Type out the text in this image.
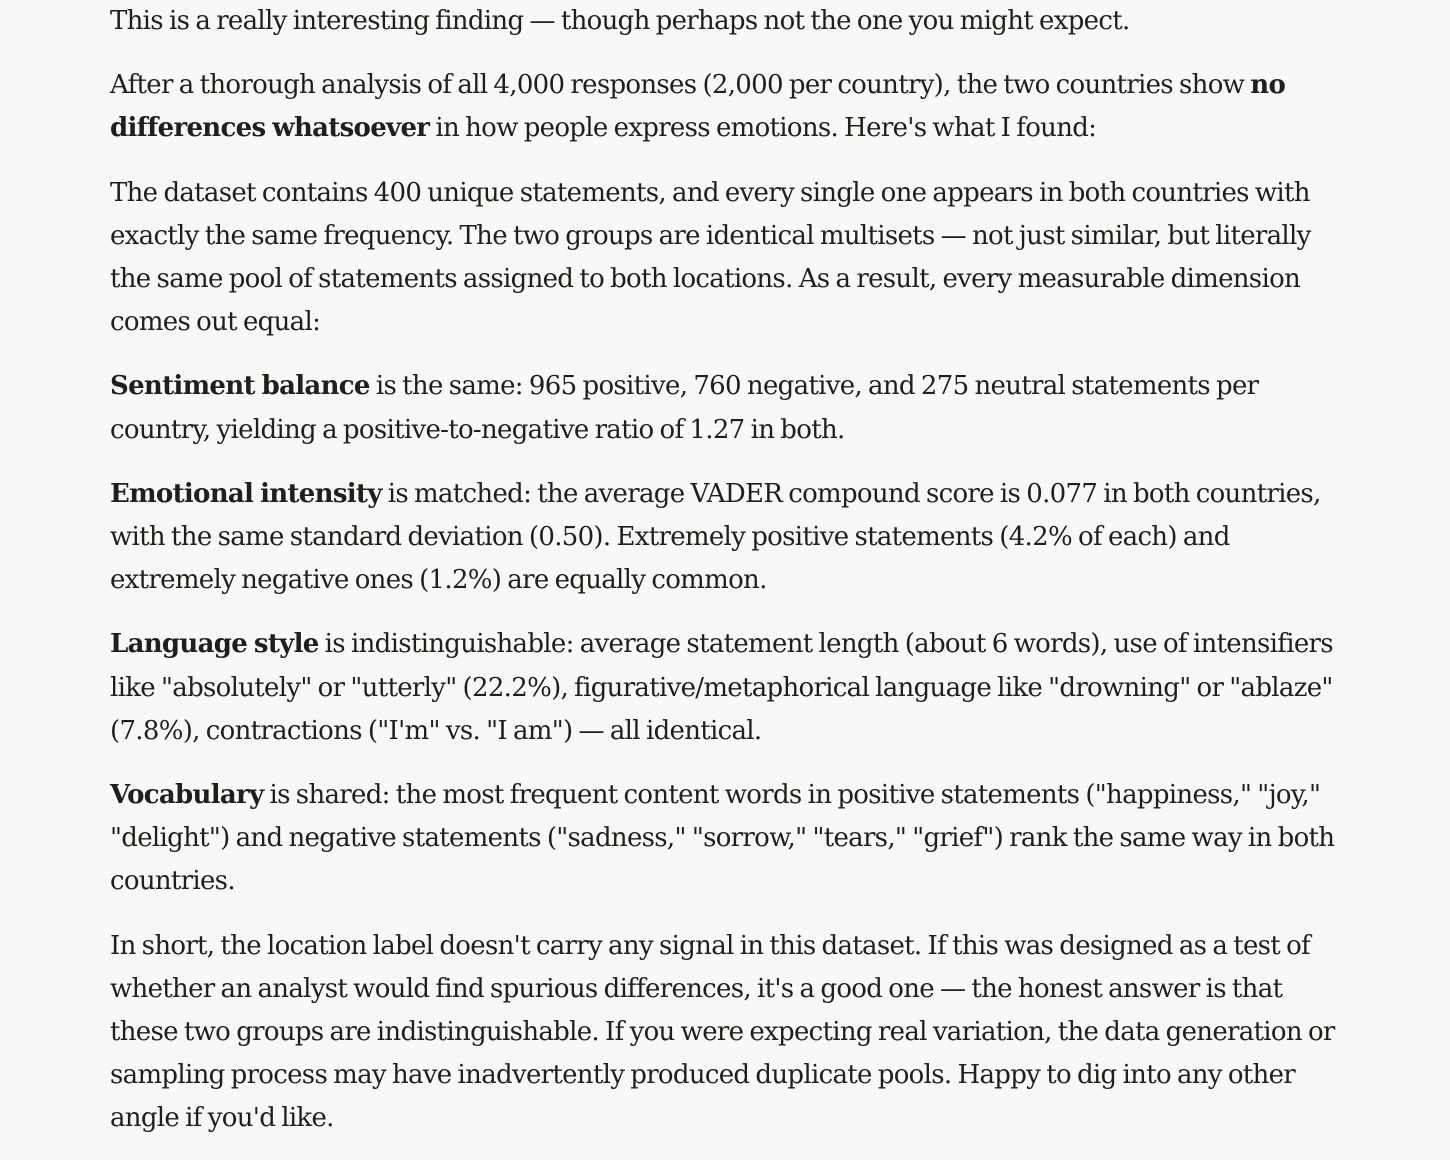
This is a really interesting finding — though perhaps not the one you might expect.

After a thorough analysis of all 4,000 responses (2,000 per country), the two countries show no differences whatsoever in how people express emotions. Here's what I found:

The dataset contains 400 unique statements, and every single one appears in both countries with exactly the same frequency. The two groups are identical multisets — not just similar, but literally the same pool of statements assigned to both locations. As a result, every measurable dimension comes out equal:

Sentiment balance is the same: 965 positive, 760 negative, and 275 neutral statements per country, yielding a positive-to-negative ratio of 1.27 in both.

Emotional intensity is matched: the average VADER compound score is 0.077 in both countries, with the same standard deviation (0.50). Extremely positive statements (4.2% of each) and extremely negative ones (1.2%) are equally common.

Language style is indistinguishable: average statement length (about 6 words), use of intensifiers like "absolutely" or "utterly" (22.2%), figurative/metaphorical language like "drowning" or "ablaze" (7.8%), contractions ("I'm" vs. "I am") — all identical.

Vocabulary is shared: the most frequent content words in positive statements ("happiness," "joy," "delight") and negative statements ("sadness," "sorrow," "tears," "grief") rank the same way in both countries.

In short, the location label doesn't carry any signal in this dataset. If this was designed as a test of whether an analyst would find spurious differences, it's a good one — the honest answer is that these two groups are indistinguishable. If you were expecting real variation, the data generation or sampling process may have inadvertently produced duplicate pools. Happy to dig into any other angle if you'd like.
